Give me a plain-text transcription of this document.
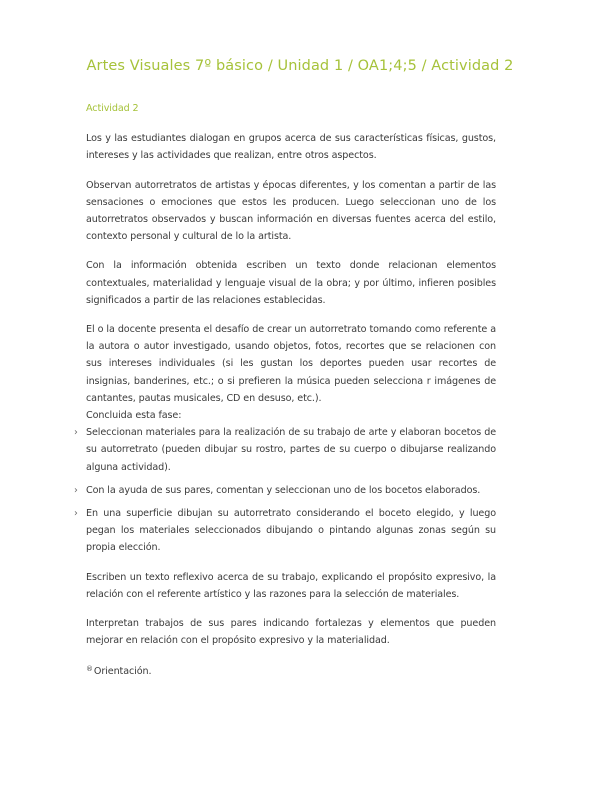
Artes Visuales 7º básico / Unidad 1 / OA1;4;5 / Actividad 2
Actividad 2

Los y las estudiantes dialogan en grupos acerca de sus características físicas, gustos, intereses y las actividades que realizan, entre otros aspectos.

Observan autorretratos de artistas y épocas diferentes, y los comentan a partir de las sensaciones o emociones que estos les producen. Luego seleccionan uno de los autorretratos observados y buscan información en diversas fuentes acerca del estilo, contexto personal y cultural de lo la artista.

Con la información obtenida escriben un texto donde relacionan elementos contextuales, materialidad y lenguaje visual de la obra; y por último, infieren posibles significados a partir de las relaciones establecidas.

El o la docente presenta el desafío de crear un autorretrato tomando como referente a la autora o autor investigado, usando objetos, fotos, recortes que se relacionen con sus intereses individuales (si les gustan los deportes pueden usar recortes de insignias, banderines, etc.; o si prefieren la música pueden selecciona r imágenes de cantantes, pautas musicales, CD en desuso, etc.).

Concluida esta fase:

› Seleccionan materiales para la realización de su trabajo de arte y elaboran bocetos de su autorretrato (pueden dibujar su rostro, partes de su cuerpo o dibujarse realizando alguna actividad).
› Con la ayuda de sus pares, comentan y seleccionan uno de los bocetos elaborados.
› En una superficie dibujan su autorretrato considerando el boceto elegido, y luego pegan los materiales seleccionados dibujando o pintando algunas zonas según su propia elección.

Escriben un texto reflexivo acerca de su trabajo, explicando el propósito expresivo, la relación con el referente artístico y las razones para la selección de materiales.

Interpretan trabajos de sus pares indicando fortalezas y elementos que pueden mejorar en relación con el propósito expresivo y la materialidad.

®Orientación.
